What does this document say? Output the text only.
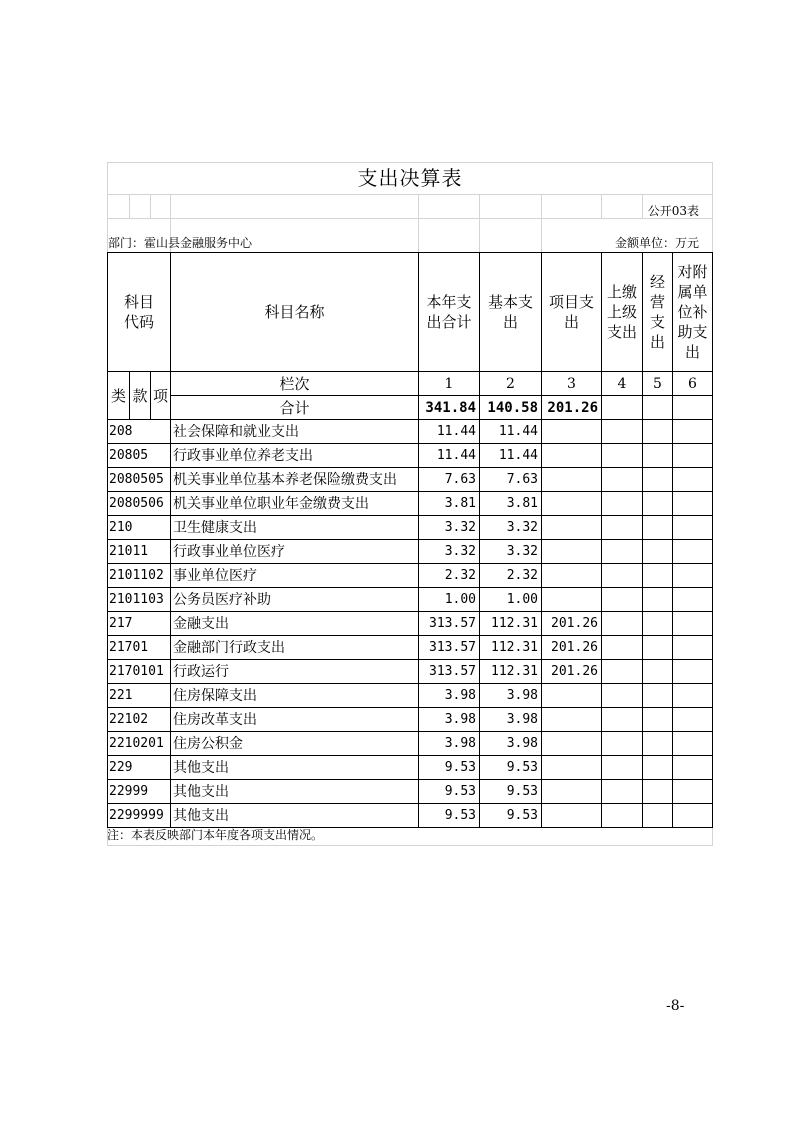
支出决算表
公开03表
部门：霍山县金融服务中心	金额单位：万元
科目代码			科目名称	本年支出合计	基本支出	项目支出	上缴上级支出	经营支出	对附属单位补助支出
类	款	项	栏次	1	2	3	4	5	6
			合计	341.84	140.58	201.26			
208			社会保障和就业支出	11.44	11.44				
20805			行政事业单位养老支出	11.44	11.44				
2080505			机关事业单位基本养老保险缴费支出	7.63	7.63				
2080506			机关事业单位职业年金缴费支出	3.81	3.81				
210			卫生健康支出	3.32	3.32				
21011			行政事业单位医疗	3.32	3.32				
2101102			事业单位医疗	2.32	2.32				
2101103			公务员医疗补助	1.00	1.00				
217			金融支出	313.57	112.31	201.26			
21701			金融部门行政支出	313.57	112.31	201.26			
2170101			行政运行	313.57	112.31	201.26			
221			住房保障支出	3.98	3.98				
22102			住房改革支出	3.98	3.98				
2210201			住房公积金	3.98	3.98				
229			其他支出	9.53	9.53				
22999			其他支出	9.53	9.53				
2299999			其他支出	9.53	9.53				
注：本表反映部门本年度各项支出情况。
-8-
